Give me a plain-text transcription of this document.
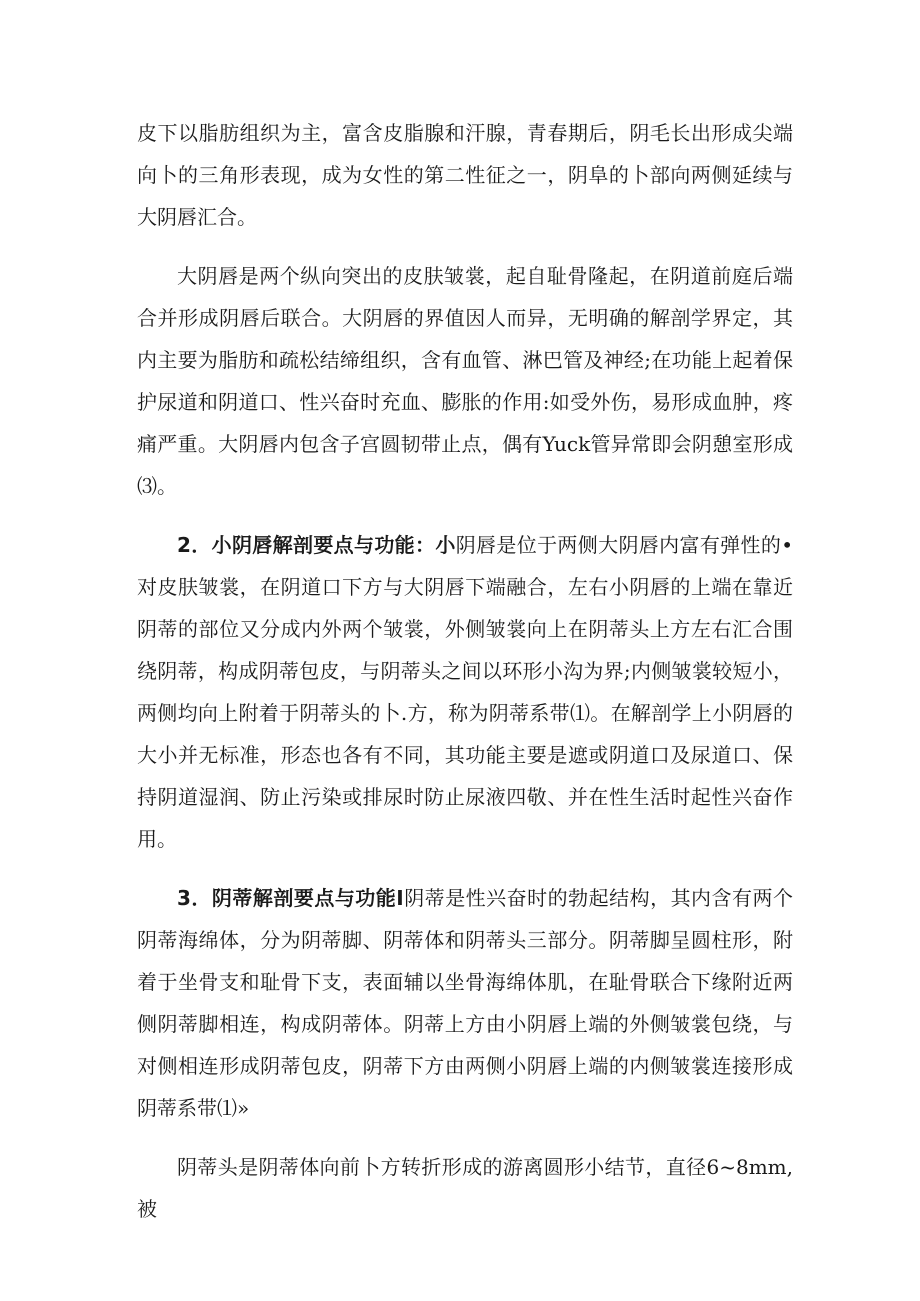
皮下以脂肪组织为主，富含皮脂腺和汗腺，青春期后，阴毛长出形成尖端向卜的三角形表现，成为女性的第二性征之一，阴阜的卜部向两侧延续与大阴唇汇合。

大阴唇是两个纵向突出的皮肤皱裳，起自耻骨隆起，在阴道前庭后端合并形成阴唇后联合。大阴唇的界值因人而异，无明确的解剖学界定，其内主要为脂肪和疏松结缔组织，含有血管、淋巴管及神经;在功能上起着保护尿道和阴道口、性兴奋时充血、膨胀的作用:如受外伤，易形成血肿，疼痛严重。大阴唇内包含子宫圆韧带止点，偶有Yuck管异常即会阴憩室形成⑶。

2．小阴唇解剖要点与功能：小阴唇是位于两侧大阴唇内富有弹性的•对皮肤皱裳，在阴道口下方与大阴唇下端融合，左右小阴唇的上端在靠近阴蒂的部位又分成内外两个皱裳，外侧皱裳向上在阴蒂头上方左右汇合围绕阴蒂，构成阴蒂包皮，与阴蒂头之间以环形小沟为界;内侧皱裳较短小，两侧均向上附着于阴蒂头的卜.方，称为阴蒂系带⑴。在解剖学上小阴唇的大小并无标准，形态也各有不同，其功能主要是遮或阴道口及尿道口、保持阴道湿润、防止污染或排尿时防止尿液四敬、并在性生活时起性兴奋作用。

3．阴蒂解剖要点与功能I阴蒂是性兴奋时的勃起结构，其内含有两个阴蒂海绵体，分为阴蒂脚、阴蒂体和阴蒂头三部分。阴蒂脚呈圆柱形，附着于坐骨支和耻骨下支，表面辅以坐骨海绵体肌，在耻骨联合下缘附近两侧阴蒂脚相连，构成阴蒂体。阴蒂上方由小阴唇上端的外侧皱裳包绕，与对侧相连形成阴蒂包皮，阴蒂下方由两侧小阴唇上端的内侧皱裳连接形成阴蒂系带⑴»

阴蒂头是阴蒂体向前卜方转折形成的游离圆形小结节，直径6~8mm,被
